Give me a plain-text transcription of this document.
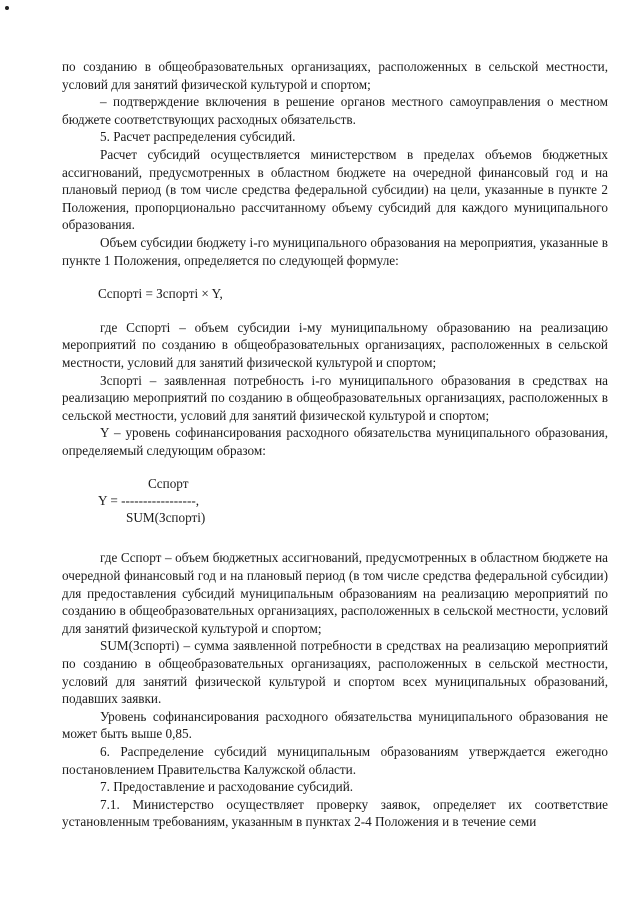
по созданию в общеобразовательных организациях, расположенных в сельской местности, условий для занятий физической культурой и спортом;

– подтверждение включения в решение органов местного самоуправления о местном бюджете соответствующих расходных обязательств.

5. Расчет распределения субсидий.

Расчет субсидий осуществляется министерством в пределах объемов бюджетных ассигнований, предусмотренных в областном бюджете на очередной финансовый год и на плановый период (в том числе средства федеральной субсидии) на цели, указанные в пункте 2 Положения, пропорционально рассчитанному объему субсидий для каждого муниципального образования.

Объем субсидии бюджету i-го муниципального образования на мероприятия, указанные в пункте 1 Положения, определяется по следующей формуле:

Cспортi = Зспортi × Y,

где Cспортi – объем субсидии i-му муниципальному образованию на реализацию мероприятий по созданию в общеобразовательных организациях, расположенных в сельской местности, условий для занятий физической культурой и спортом;

Зспортi – заявленная потребность i-го муниципального образования в средствах на реализацию мероприятий по созданию в общеобразовательных организациях, расположенных в сельской местности, условий для занятий физической культурой и спортом;

Y – уровень софинансирования расходного обязательства муниципального образования, определяемый следующим образом:

Cспорт
Y = -----------------,
SUM(Зспортi)

где Cспорт – объем бюджетных ассигнований, предусмотренных в областном бюджете на очередной финансовый год и на плановый период (в том числе средства федеральной субсидии) для предоставления субсидий муниципальным образованиям на реализацию мероприятий по созданию в общеобразовательных организациях, расположенных в сельской местности, условий для занятий физической культурой и спортом;

SUM(Зспортi) – сумма заявленной потребности в средствах на реализацию мероприятий по созданию в общеобразовательных организациях, расположенных в сельской местности, условий для занятий физической культурой и спортом всех муниципальных образований, подавших заявки.

Уровень софинансирования расходного обязательства муниципального образования не может быть выше 0,85.

6. Распределение субсидий муниципальным образованиям утверждается ежегодно постановлением Правительства Калужской области.

7. Предоставление и расходование субсидий.

7.1. Министерство осуществляет проверку заявок, определяет их соответствие установленным требованиям, указанным в пунктах 2-4 Положения и в течение семи
